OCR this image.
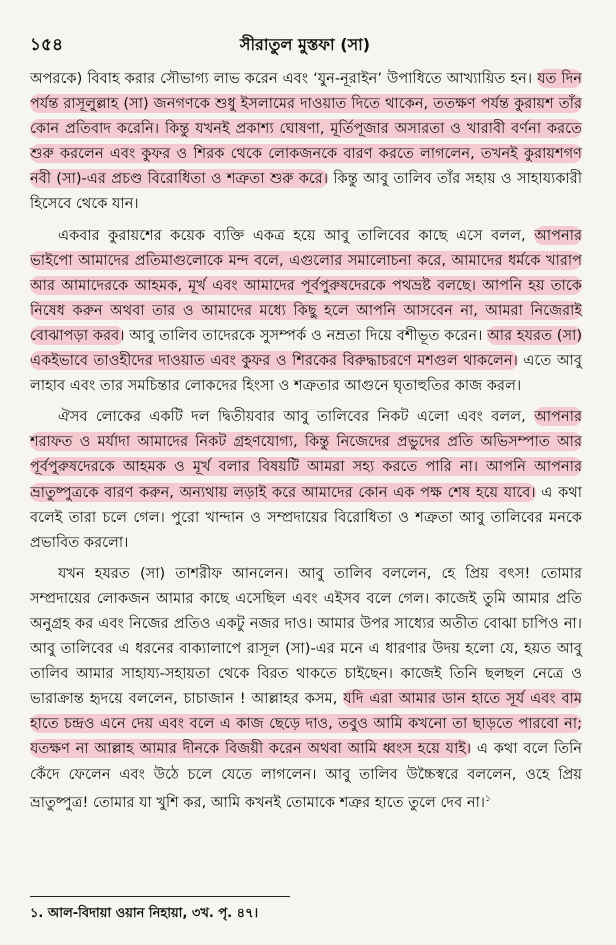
১৫৪	সীরাতুল মুস্তফা (সা)

অপরকে) বিবাহ করার সৌভাগ্য লাভ করেন এবং ‘যুন-নূরাইন’ উপাধিতে আখ্যায়িত হন। যত দিন পর্যন্ত রাসূলুল্লাহ (সা) জনগণকে শুধু ইসলামের দাওয়াত দিতে থাকেন, ততক্ষণ পর্যন্ত কুরায়শ তাঁর কোন প্রতিবাদ করেনি। কিন্তু যখনই প্রকাশ্য ঘোষণা, মূর্তিপূজার অসারতা ও খারাবী বর্ণনা করতে শুরু করলেন এবং কুফর ও শিরক থেকে লোকজনকে বারণ করতে লাগলেন, তখনই কুরায়শগণ নবী (সা)-এর প্রচণ্ড বিরোধিতা ও শত্রুতা শুরু করে। কিন্তু আবু তালিব তাঁর সহায় ও সাহায্যকারী হিসেবে থেকে যান।

একবার কুরায়শের কয়েক ব্যক্তি একত্র হয়ে আবু তালিবের কাছে এসে বলল, আপনার ভাইপো আমাদের প্রতিমাগুলোকে মন্দ বলে, এগুলোর সমালোচনা করে, আমাদের ধর্মকে খারাপ আর আমাদেরকে আহমক, মূর্খ এবং আমাদের পূর্বপুরুষদেরকে পথভ্রষ্ট বলছে। আপনি হয় তাকে নিষেধ করুন অথবা তার ও আমাদের মধ্যে কিছু হলে আপনি আসবেন না, আমরা নিজেরাই বোঝাপড়া করব। আবু তালিব তাদেরকে সুসম্পর্ক ও নম্রতা দিয়ে বশীভূত করেন। আর হযরত (সা) একইভাবে তাওহীদের দাওয়াত এবং কুফর ও শিরকের বিরুদ্ধাচরণে মশগুল থাকলেন। এতে আবু লাহাব এবং তার সমচিন্তার লোকদের হিংসা ও শত্রুতার আগুনে ঘৃতাহুতির কাজ করল।

ঐসব লোকের একটি দল দ্বিতীয়বার আবু তালিবের নিকট এলো এবং বলল, আপনার শরাফত ও মর্যাদা আমাদের নিকট গ্রহণযোগ্য, কিন্তু নিজেদের প্রভুদের প্রতি অভিসম্পাত আর পূর্বপুরুষদেরকে আহমক ও মূর্খ বলার বিষয়টি আমরা সহ্য করতে পারি না। আপনি আপনার ভ্রাতুষ্পুত্রকে বারণ করুন, অন্যথায় লড়াই করে আমাদের কোন এক পক্ষ শেষ হয়ে যাবে। এ কথা বলেই তারা চলে গেল। পুরো খান্দান ও সম্প্রদায়ের বিরোধিতা ও শত্রুতা আবু তালিবের মনকে প্রভাবিত করলো।

যখন হযরত (সা) তাশরীফ আনলেন। আবু তালিব বললেন, হে প্রিয় বৎস! তোমার সম্প্রদায়ের লোকজন আমার কাছে এসেছিল এবং এইসব বলে গেল। কাজেই তুমি আমার প্রতি অনুগ্রহ কর এবং নিজের প্রতিও একটু নজর দাও। আমার উপর সাধ্যের অতীত বোঝা চাপিও না। আবু তালিবের এ ধরনের বাক্যালাপে রাসূল (সা)-এর মনে এ ধারণার উদয় হলো যে, হয়ত আবু তালিব আমার সাহায্য-সহায়তা থেকে বিরত থাকতে চাইছেন। কাজেই তিনি ছলছল নেত্রে ও ভারাক্রান্ত হৃদয়ে বললেন, চাচাজান ! আল্লাহর কসম, যদি এরা আমার ডান হাতে সূর্য এবং বাম হাতে চন্দ্রও এনে দেয় এবং বলে এ কাজ ছেড়ে দাও, তবুও আমি কখনো তা ছাড়তে পারবো না; যতক্ষণ না আল্লাহ আমার দীনকে বিজয়ী করেন অথবা আমি ধ্বংস হয়ে যাই। এ কথা বলে তিনি কেঁদে ফেলেন এবং উঠে চলে যেতে লাগলেন। আবু তালিব উচ্চৈস্বরে বললেন, ওহে প্রিয় ভ্রাতুষ্পুত্র! তোমার যা খুশি কর, আমি কখনই তোমাকে শত্রুর হাতে তুলে দেব না।$^১$

১. আল-বিদায়া ওয়ান নিহায়া, ৩খ. পৃ. ৪৭।
